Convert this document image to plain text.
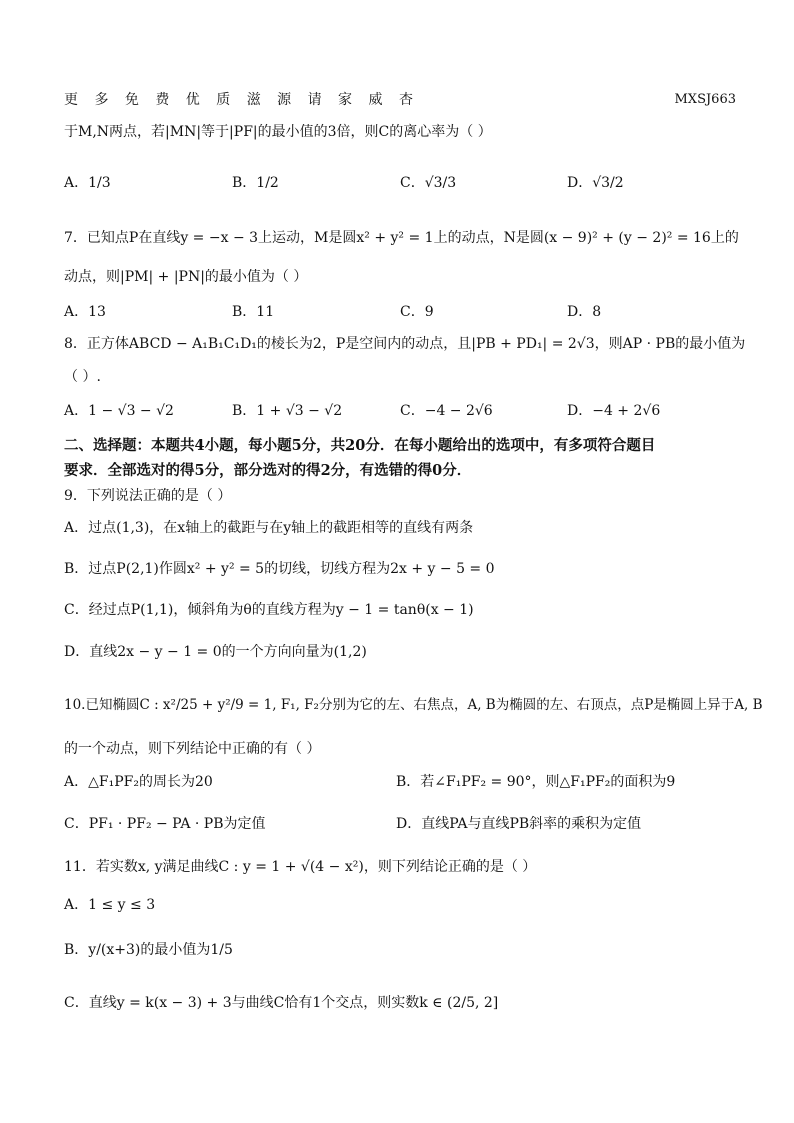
更 多 免 费 优 质 滋 源 请 家 威 杏	MXSJ663
于M,N两点，若|MN|等于|PF|的最小值的3倍，则C的离心率为（ ）
A．1/3	B．1/2	C．√3/3	D．√3/2
7．已知点P在直线y = −x − 3上运动，M是圆x² + y² = 1上的动点，N是圆(x − 9)² + (y − 2)² = 16上的
动点，则|PM| + |PN|的最小值为（ ）
A．13	B．11	C．9	D．8
8．正方体ABCD − A₁B₁C₁D₁的棱长为2，P是空间内的动点，且|PB + PD₁| = 2√3，则AP · PB的最小值为
（ ）.
A．1 − √3 − √2	B．1 + √3 − √2	C．−4 − 2√6	D．−4 + 2√6
二、选择题：本题共4小题，每小题5分，共20分．在每小题给出的选项中，有多项符合题目
要求．全部选对的得5分，部分选对的得2分，有选错的得0分．
9．下列说法正确的是（ ）
A．过点(1,3)，在x轴上的截距与在y轴上的截距相等的直线有两条
B．过点P(2,1)作圆x² + y² = 5的切线，切线方程为2x + y − 5 = 0
C．经过点P(1,1)，倾斜角为θ的直线方程为y − 1 = tanθ(x − 1)
D．直线2x − y − 1 = 0的一个方向向量为(1,2)
10.已知椭圆C : x²/25 + y²/9 = 1, F₁, F₂分别为它的左、右焦点，A, B为椭圆的左、右顶点，点P是椭圆上异于A, B
的一个动点，则下列结论中正确的有（ ）
A．△F₁PF₂的周长为20	B．若∠F₁PF₂ = 90°，则△F₁PF₂的面积为9
C．PF₁ · PF₂ − PA · PB为定值	D．直线PA与直线PB斜率的乘积为定值
11．若实数x, y满足曲线C : y = 1 + √(4 − x²)，则下列结论正确的是（ ）
A．1 ≤ y ≤ 3
B．y/(x+3)的最小值为1/5
C．直线y = k(x − 3) + 3与曲线C恰有1个交点，则实数k ∈ (2/5, 2]
